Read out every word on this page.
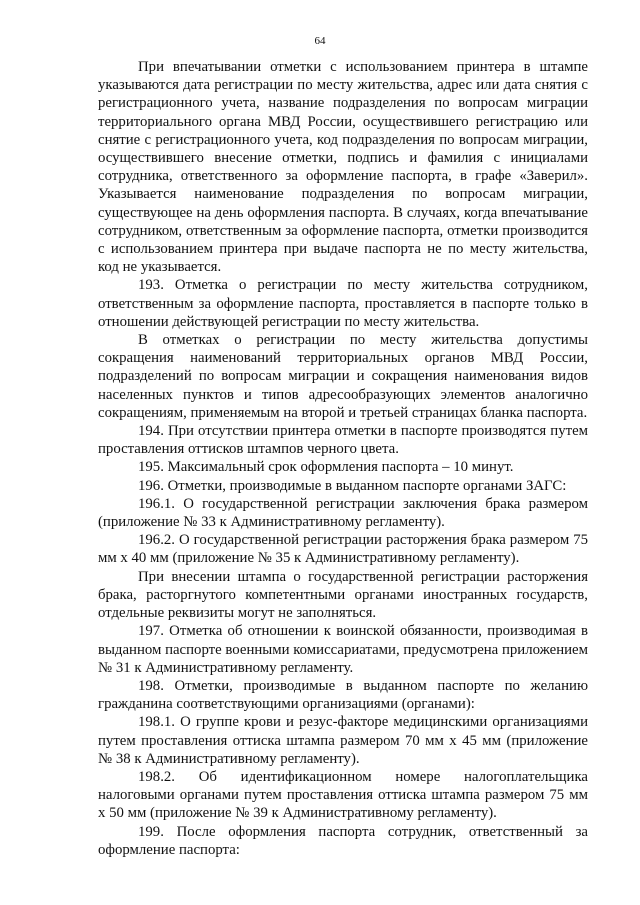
64

При впечатывании отметки с использованием принтера в штампе указываются дата регистрации по месту жительства, адрес или дата снятия с регистрационного учета, название подразделения по вопросам миграции территориального органа МВД России, осуществившего регистрацию или снятие с регистрационного учета, код подразделения по вопросам миграции, осуществившего внесение отметки, подпись и фамилия с инициалами сотрудника, ответственного за оформление паспорта, в графе «Заверил». Указывается наименование подразделения по вопросам миграции, существующее на день оформления паспорта. В случаях, когда впечатывание сотрудником, ответственным за оформление паспорта, отметки производится с использованием принтера при выдаче паспорта не по месту жительства, код не указывается.

193. Отметка о регистрации по месту жительства сотрудником, ответственным за оформление паспорта, проставляется в паспорте только в отношении действующей регистрации по месту жительства.

В отметках о регистрации по месту жительства допустимы сокращения наименований территориальных органов МВД России, подразделений по вопросам миграции и сокращения наименования видов населенных пунктов и типов адресообразующих элементов аналогично сокращениям, применяемым на второй и третьей страницах бланка паспорта.

194. При отсутствии принтера отметки в паспорте производятся путем проставления оттисков штампов черного цвета.

195. Максимальный срок оформления паспорта – 10 минут.

196. Отметки, производимые в выданном паспорте органами ЗАГС:

196.1. О государственной регистрации заключения брака размером (приложение № 33 к Административному регламенту).

196.2. О государственной регистрации расторжения брака размером 75 мм х 40 мм (приложение № 35 к Административному регламенту).

При внесении штампа о государственной регистрации расторжения брака, расторгнутого компетентными органами иностранных государств, отдельные реквизиты могут не заполняться.

197. Отметка об отношении к воинской обязанности, производимая в выданном паспорте военными комиссариатами, предусмотрена приложением № 31 к Административному регламенту.

198. Отметки, производимые в выданном паспорте по желанию гражданина соответствующими организациями (органами):

198.1. О группе крови и резус-факторе медицинскими организациями путем проставления оттиска штампа размером 70 мм х 45 мм (приложение № 38 к Административному регламенту).

198.2. Об идентификационном номере налогоплательщика налоговыми органами путем проставления оттиска штампа размером 75 мм х 50 мм (приложение № 39 к Административному регламенту).

199. После оформления паспорта сотрудник, ответственный за оформление паспорта:
